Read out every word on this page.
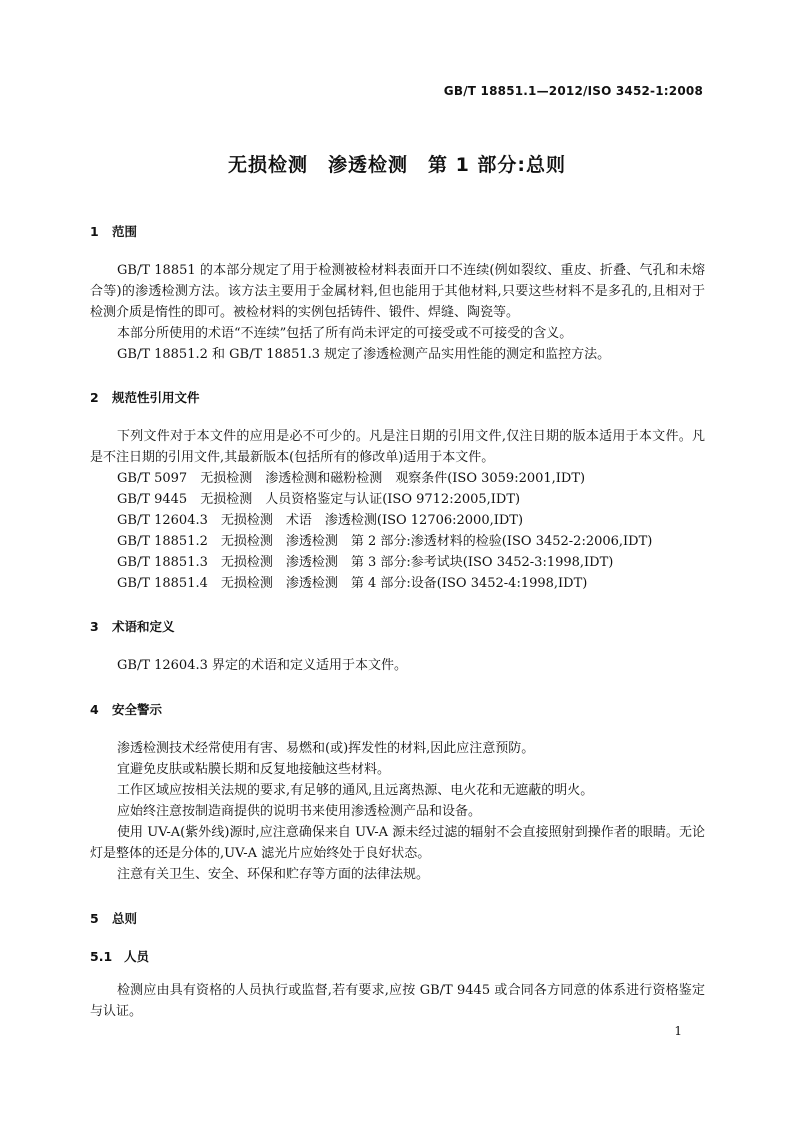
GB/T 18851.1—2012/ISO 3452-1:2008
无损检测　渗透检测　第 1 部分:总则
1 范围
GB/T 18851 的本部分规定了用于检测被检材料表面开口不连续(例如裂纹、重皮、折叠、气孔和未熔合等)的渗透检测方法。该方法主要用于金属材料,但也能用于其他材料,只要这些材料不是多孔的,且相对于检测介质是惰性的即可。被检材料的实例包括铸件、锻件、焊缝、陶瓷等。
本部分所使用的术语“不连续”包括了所有尚未评定的可接受或不可接受的含义。
GB/T 18851.2 和 GB/T 18851.3 规定了渗透检测产品实用性能的测定和监控方法。
2 规范性引用文件
下列文件对于本文件的应用是必不可少的。凡是注日期的引用文件,仅注日期的版本适用于本文件。凡是不注日期的引用文件,其最新版本(包括所有的修改单)适用于本文件。
GB/T 5097　无损检测　渗透检测和磁粉检测　观察条件(ISO 3059:2001,IDT)
GB/T 9445　无损检测　人员资格鉴定与认证(ISO 9712:2005,IDT)
GB/T 12604.3　无损检测　术语　渗透检测(ISO 12706:2000,IDT)
GB/T 18851.2　无损检测　渗透检测　第 2 部分:渗透材料的检验(ISO 3452-2:2006,IDT)
GB/T 18851.3　无损检测　渗透检测　第 3 部分:参考试块(ISO 3452-3:1998,IDT)
GB/T 18851.4　无损检测　渗透检测　第 4 部分:设备(ISO 3452-4:1998,IDT)
3 术语和定义
GB/T 12604.3 界定的术语和定义适用于本文件。
4 安全警示
渗透检测技术经常使用有害、易燃和(或)挥发性的材料,因此应注意预防。
宜避免皮肤或粘膜长期和反复地接触这些材料。
工作区域应按相关法规的要求,有足够的通风,且远离热源、电火花和无遮蔽的明火。
应始终注意按制造商提供的说明书来使用渗透检测产品和设备。
使用 UV-A(紫外线)源时,应注意确保来自 UV-A 源未经过滤的辐射不会直接照射到操作者的眼睛。无论灯是整体的还是分体的,UV-A 滤光片应始终处于良好状态。
注意有关卫生、安全、环保和贮存等方面的法律法规。
5 总则
5.1 人员
检测应由具有资格的人员执行或监督,若有要求,应按 GB/T 9445 或合同各方同意的体系进行资格鉴定与认证。
1
